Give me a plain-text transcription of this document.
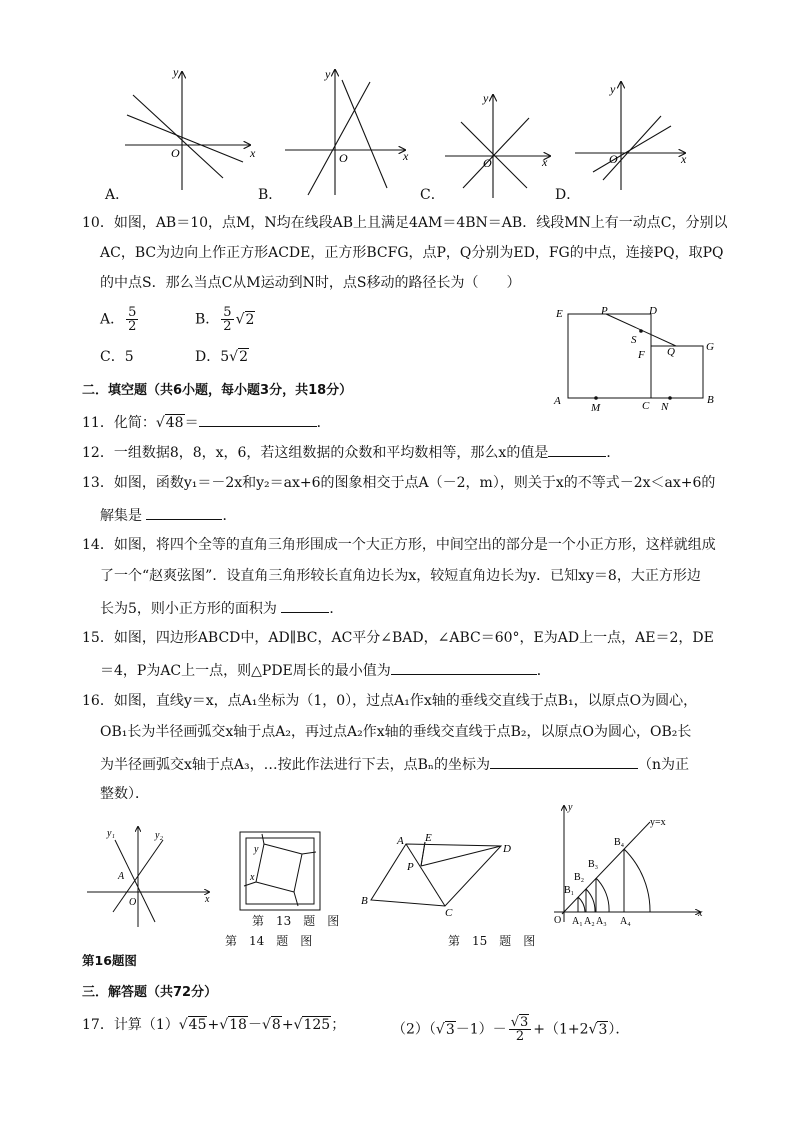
x
y
O	x
y
O	x
y
O	x
y
O
A．	B．	C．	D．
10．如图，AB＝10，点M，N均在线段AB上且满足4AM＝4BN＝AB．线段MN上有一动点C，分别以
AC，BC为边向上作正方形ACDE，正方形BCFG，点P，Q分别为ED，FG的中点，连接PQ，取PQ
的中点S．那么当点C从M运动到N时，点S移动的路径长为（　　）
A． $\frac{5}{2}$	B． $\frac{5}{2} √2$
C．5	D．5√2
E	P	D
S
F Q	G
A
M	C N
B
二．填空题（共6小题，每小题3分，共18分）
11．化简：√48＝	．
12．一组数据8，8，x，6，若这组数据的众数和平均数相等，那么x的值是	．
13．如图，函数y₁＝－2x和y₂＝ax+6的图象相交于点A（－2，m），则关于x的不等式－2x＜ax+6的
解集是	．
14．如图，将四个全等的直角三角形围成一个大正方形，中间空出的部分是一个小正方形，这样就组成
了一个“赵爽弦图”．设直角三角形较长直角边长为x，较短直角边长为y．已知xy＝8，大正方形边
长为5，则小正方形的面积为	．
15．如图，四边形ABCD中，AD∥BC，AC平分∠BAD，∠ABC＝60°，E为AD上一点，AE＝2，DE
＝4，P为AC上一点，则△PDE周长的最小值为	．
16．如图，直线y＝x，点A₁坐标为（1，0），过点A₁作x轴的垂线交直线于点B₁，以原点O为圆心，
OB₁长为半径画弧交x轴于点A₂，再过点A₂作x轴的垂线交直线于点B₂，以原点O为圆心，OB₂长
为半径画弧交x轴于点A₃，…按此作法进行下去，点Bₙ的坐标为	（n为正
整数）．
y₁	y₂
A
O	x
y
x
第　13　题　图
第　14　题　图
A E
D
P
B
C
第　15　题　图
y
y=x
B₄
B₃
B₂
B₁
O A₁ A₂ A₃ A₄
x
第16题图
三．解答题（共72分）
17．计算（1）√45+√18－√8+√125；	$(2)(√3-1)- \frac{√3}{2} +(1+2√3)$．
